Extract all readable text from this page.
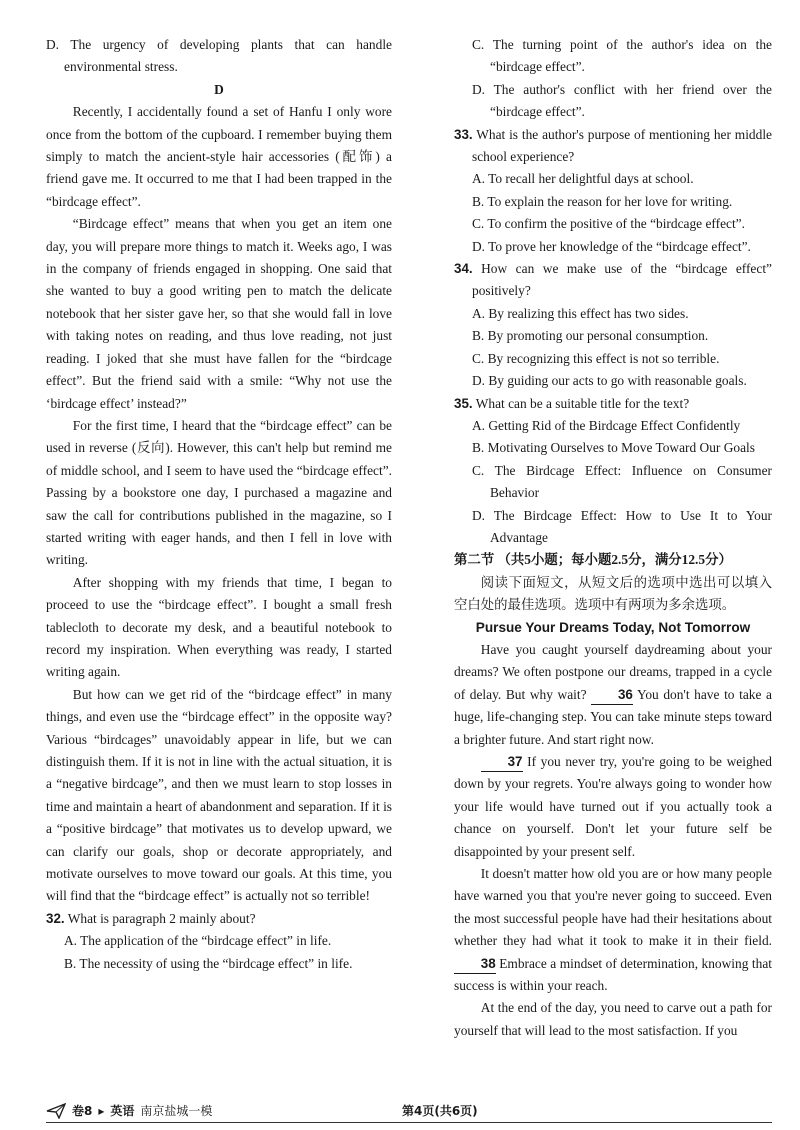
D. The urgency of developing plants that can handle environmental stress.

D

Recently, I accidentally found a set of Hanfu I only wore once from the bottom of the cupboard. I remember buying them simply to match the ancient-style hair accessories (配饰) a friend gave me. It occurred to me that I had been trapped in the “birdcage effect”.

“Birdcage effect” means that when you get an item one day, you will prepare more things to match it. Weeks ago, I was in the company of friends engaged in shopping. One said that she wanted to buy a good writing pen to match the delicate notebook that her sister gave her, so that she would fall in love with taking notes on reading, and thus love reading, not just reading. I joked that she must have fallen for the “birdcage effect”. But the friend said with a smile: “Why not use the ‘birdcage effect’ instead?”

For the first time, I heard that the “birdcage effect” can be used in reverse (反向). However, this can't help but remind me of middle school, and I seem to have used the “birdcage effect”. Passing by a bookstore one day, I purchased a magazine and saw the call for contributions published in the magazine, so I started writing with eager hands, and then I fell in love with writing.

After shopping with my friends that time, I began to proceed to use the “birdcage effect”. I bought a small fresh tablecloth to decorate my desk, and a beautiful notebook to record my inspiration. When everything was ready, I started writing again.

But how can we get rid of the “birdcage effect” in many things, and even use the “birdcage effect” in the opposite way? Various “birdcages” unavoidably appear in life, but we can distinguish them. If it is not in line with the actual situation, it is a “negative birdcage”, and then we must learn to stop losses in time and maintain a heart of abandonment and separation. If it is a “positive birdcage” that motivates us to develop upward, we can clarify our goals, shop or decorate appropriately, and motivate ourselves to move toward our goals. At this time, you will find that the “birdcage effect” is actually not so terrible!

32. What is paragraph 2 mainly about?

A. The application of the “birdcage effect” in life.

B. The necessity of using the “birdcage effect” in life.

C. The turning point of the author's idea on the “birdcage effect”.

D. The author's conflict with her friend over the “birdcage effect”.

33. What is the author's purpose of mentioning her middle school experience?

A. To recall her delightful days at school.

B. To explain the reason for her love for writing.

C. To confirm the positive of the “birdcage effect”.

D. To prove her knowledge of the “birdcage effect”.

34. How can we make use of the “birdcage effect” positively?

A. By realizing this effect has two sides.

B. By promoting our personal consumption.

C. By recognizing this effect is not so terrible.

D. By guiding our acts to go with reasonable goals.

35. What can be a suitable title for the text?

A. Getting Rid of the Birdcage Effect Confidently

B. Motivating Ourselves to Move Toward Our Goals

C. The Birdcage Effect: Influence on Consumer Behavior

D. The Birdcage Effect: How to Use It to Your Advantage

第二节 （共5小题；每小题2.5分，满分12.5分）

阅读下面短文，从短文后的选项中选出可以填入空白处的最佳选项。选项中有两项为多余选项。

Pursue Your Dreams Today, Not Tomorrow

Have you caught yourself daydreaming about your dreams? We often postpone our dreams, trapped in a cycle of delay. But why wait? 36 You don't have to take a huge, life-changing step. You can take minute steps toward a brighter future. And start right now.

37 If you never try, you're going to be weighed down by your regrets. You're always going to wonder how your life would have turned out if you actually took a chance on yourself. Don't let your future self be disappointed by your present self.

It doesn't matter how old you are or how many people have warned you that you're never going to succeed. Even the most successful people have had their hesitations about whether they had what it took to make it in their field. 38 Embrace a mindset of determination, knowing that success is within your reach.

At the end of the day, you need to carve out a path for yourself that will lead to the most satisfaction. If you

卷8 ▸ 英语 南京盐城一模	第4页(共6页)
